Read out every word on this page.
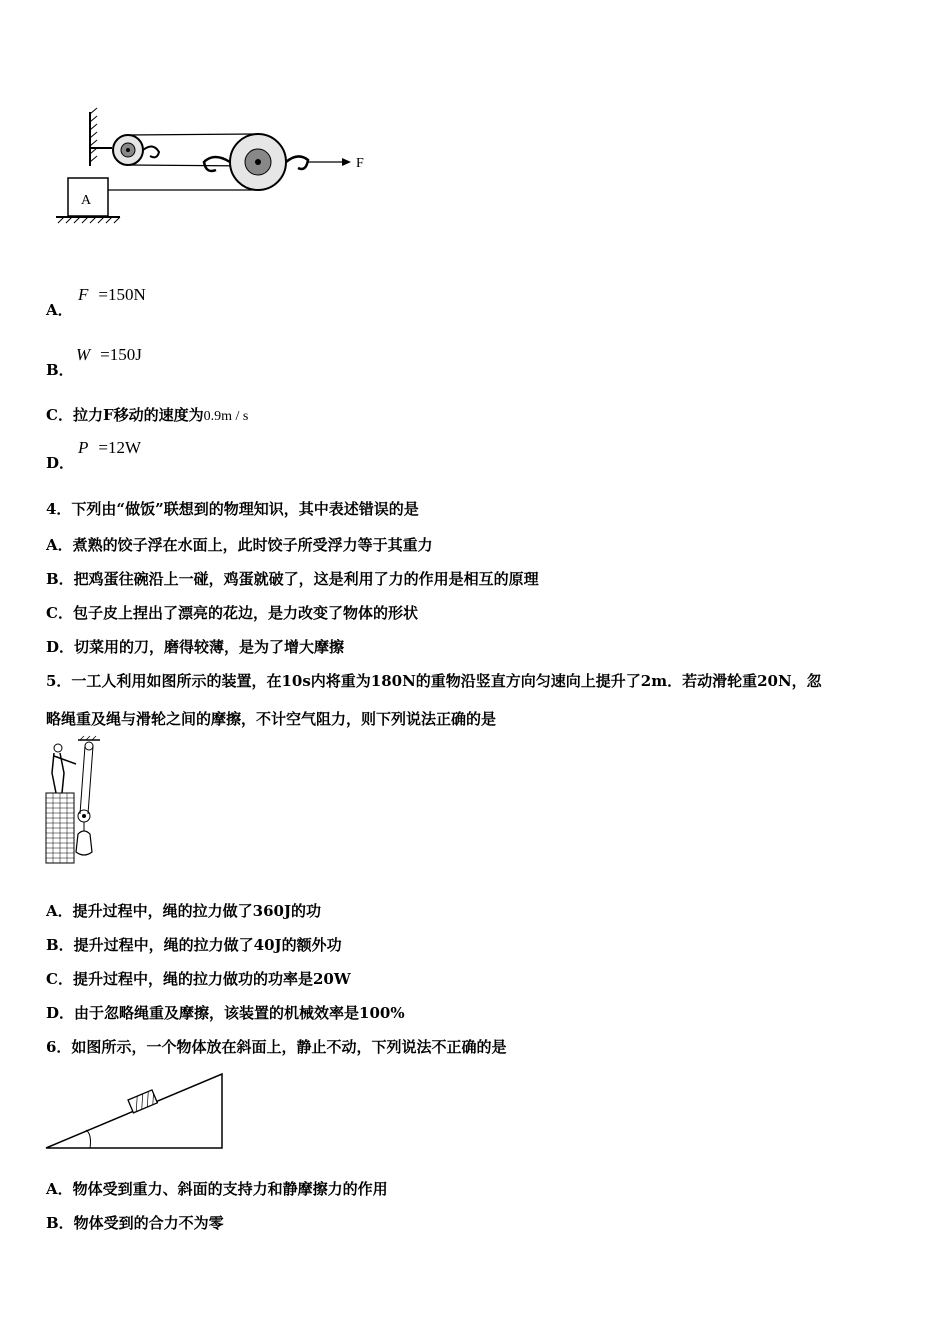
F
A
A．
F =150N
B．
W =150J
C．拉力F移动的速度为0.9m / s
D．
P =12W
4．下列由“做饭”联想到的物理知识，其中表述错误的是
A．煮熟的饺子浮在水面上，此时饺子所受浮力等于其重力
B．把鸡蛋往碗沿上一碰，鸡蛋就破了，这是利用了力的作用是相互的原理
C．包子皮上捏出了漂亮的花边，是力改变了物体的形状
D．切菜用的刀，磨得较薄，是为了增大摩擦
5．一工人利用如图所示的装置，在10s内将重为180N的重物沿竖直方向匀速向上提升了2m．若动滑轮重20N，忽
略绳重及绳与滑轮之间的摩擦，不计空气阻力，则下列说法正确的是
A．提升过程中，绳的拉力做了360J的功
B．提升过程中，绳的拉力做了40J的额外功
C．提升过程中，绳的拉力做功的功率是20W
D．由于忽略绳重及摩擦，该装置的机械效率是100%
6．如图所示，一个物体放在斜面上，静止不动，下列说法不正确的是
A．物体受到重力、斜面的支持力和静摩擦力的作用
B．物体受到的合力不为零
